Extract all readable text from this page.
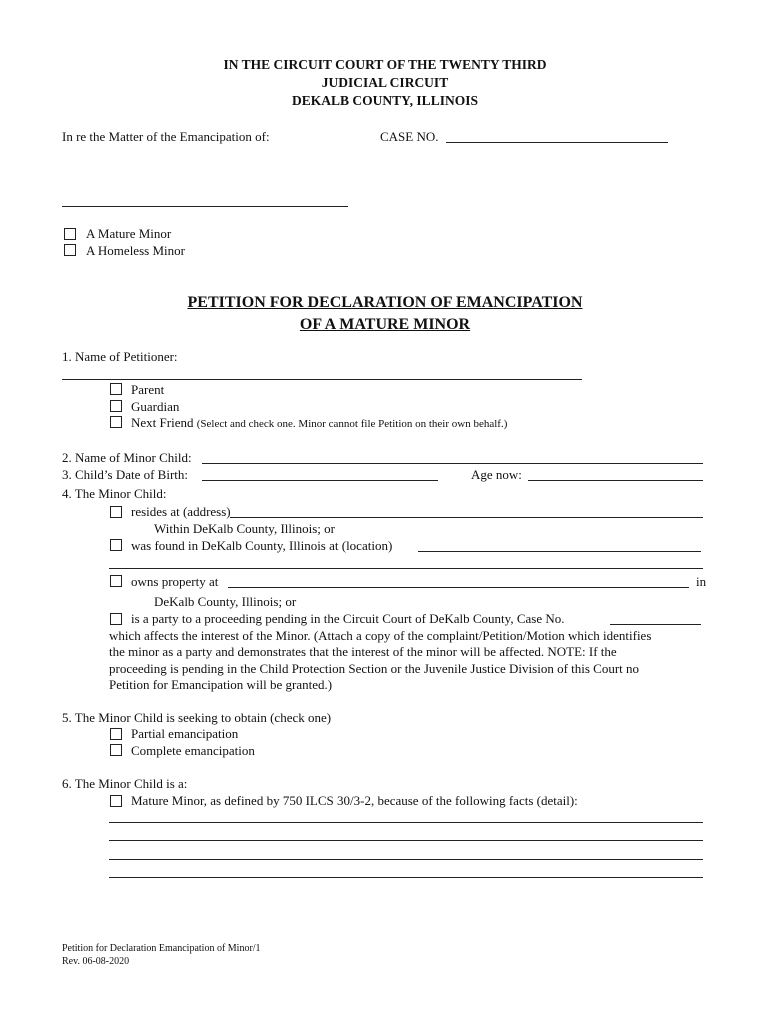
IN THE CIRCUIT COURT OF THE TWENTY THIRD
JUDICIAL CIRCUIT
DEKALB COUNTY, ILLINOIS
In re the Matter of the Emancipation of:	CASE NO.
A Mature Minor
A Homeless Minor
PETITION FOR DECLARATION OF EMANCIPATION
OF A MATURE MINOR
1. Name of Petitioner:
Parent
Guardian
Next Friend (Select and check one. Minor cannot file Petition on their own behalf.)
2. Name of Minor Child:
3. Child’s Date of Birth:	Age now:
4. The Minor Child:
resides at (address)
Within DeKalb County, Illinois; or
was found in DeKalb County, Illinois at (location)
owns property at	in
DeKalb County, Illinois; or
is a party to a proceeding pending in the Circuit Court of DeKalb County, Case No.
which affects the interest of the Minor. (Attach a copy of the complaint/Petition/Motion which identifies
the minor as a party and demonstrates that the interest of the minor will be affected. NOTE: If the
proceeding is pending in the Child Protection Section or the Juvenile Justice Division of this Court no
Petition for Emancipation will be granted.)
5. The Minor Child is seeking to obtain (check one)
Partial emancipation
Complete emancipation
6. The Minor Child is a:
Mature Minor, as defined by 750 ILCS 30/3-2, because of the following facts (detail):
Petition for Declaration Emancipation of Minor/1
Rev. 06-08-2020
